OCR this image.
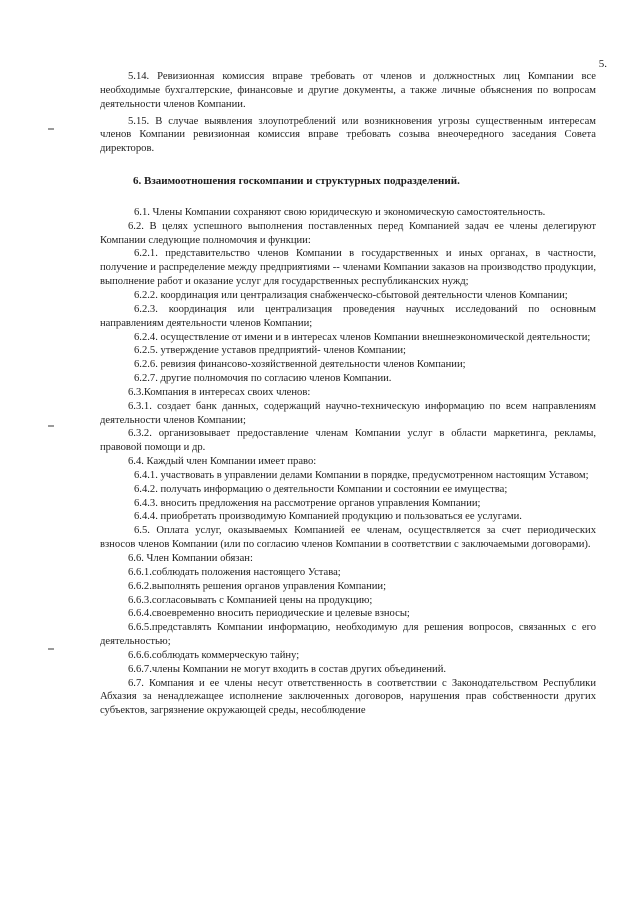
5.

5.14. Ревизионная комиссия вправе требовать от членов и должностных лиц Компании все необходимые бухгалтерские, финансовые и другие документы, а также личные объяснения по вопросам деятельности членов Компании.

5.15. В случае выявления злоупотреблений или возникновения угрозы существенным интересам членов Компании ревизионная комиссия вправе требовать созыва внеочередного заседания Совета директоров.

6. Взаимоотношения госкомпании и структурных подразделений.

6.1. Члены Компании сохраняют свою юридическую и экономическую самостоятельность.

6.2. В целях успешного выполнения поставленных перед Компанией задач ее члены делегируют Компании следующие полномочия и функции:

6.2.1. представительство членов Компании в государственных и иных органах, в частности, получение и распределение между предприятиями -- членами Компании заказов на производство продукции, выполнение работ и оказание услуг для государственных республиканских нужд;

6.2.2. координация или централизация снабженческо-сбытовой деятельности членов Компании;

6.2.3. координация или централизация проведения научных исследований по основным направлениям деятельности членов Компании;

6.2.4. осуществление от имени и в интересах членов Компании внешнеэкономической деятельности;

6.2.5. утверждение уставов предприятий- членов Компании;

6.2.6. ревизия финансово-хозяйственной деятельности членов Компании;

6.2.7. другие полномочия по согласию членов Компании.

6.3.Компания в интересах своих членов:

6.3.1. создает банк данных, содержащий научно-техническую информацию по всем направлениям деятельности членов Компании;

6.3.2. организовывает предоставление членам Компании услуг в области маркетинга, рекламы, правовой помощи и др.

6.4. Каждый член Компании имеет право:

6.4.1. участвовать в управлении делами Компании в порядке, предусмотренном настоящим Уставом;

6.4.2. получать информацию о деятельности Компании и состоянии ее имущества;

6.4.3. вносить предложения на рассмотрение органов управления Компании;

6.4.4. приобретать производимую Компанией продукцию и пользоваться ее услугами.

6.5. Оплата услуг, оказываемых Компанией ее членам, осуществляется за счет периодических взносов членов Компании (или по согласию членов Компании в соответствии с заключаемыми договорами).

6.6. Член Компании обязан:

6.6.1.соблюдать положения настоящего Устава;

6.6.2.выполнять решения органов управления Компании;

6.6.3.согласовывать с Компанией цены на продукцию;

6.6.4.своевременно вносить периодические и целевые взносы;

6.6.5.представлять Компании информацию, необходимую для решения вопросов, связанных с его деятельностью;

6.6.6.соблюдать коммерческую тайну;

6.6.7.члены Компании не могут входить в состав других объединений.

6.7. Компания и ее члены несут ответственность в соответствии с Законодательством Республики Абхазия за ненадлежащее исполнение заключенных договоров, нарушения прав собственности других субъектов, загрязнение окружающей среды, несоблюдение
